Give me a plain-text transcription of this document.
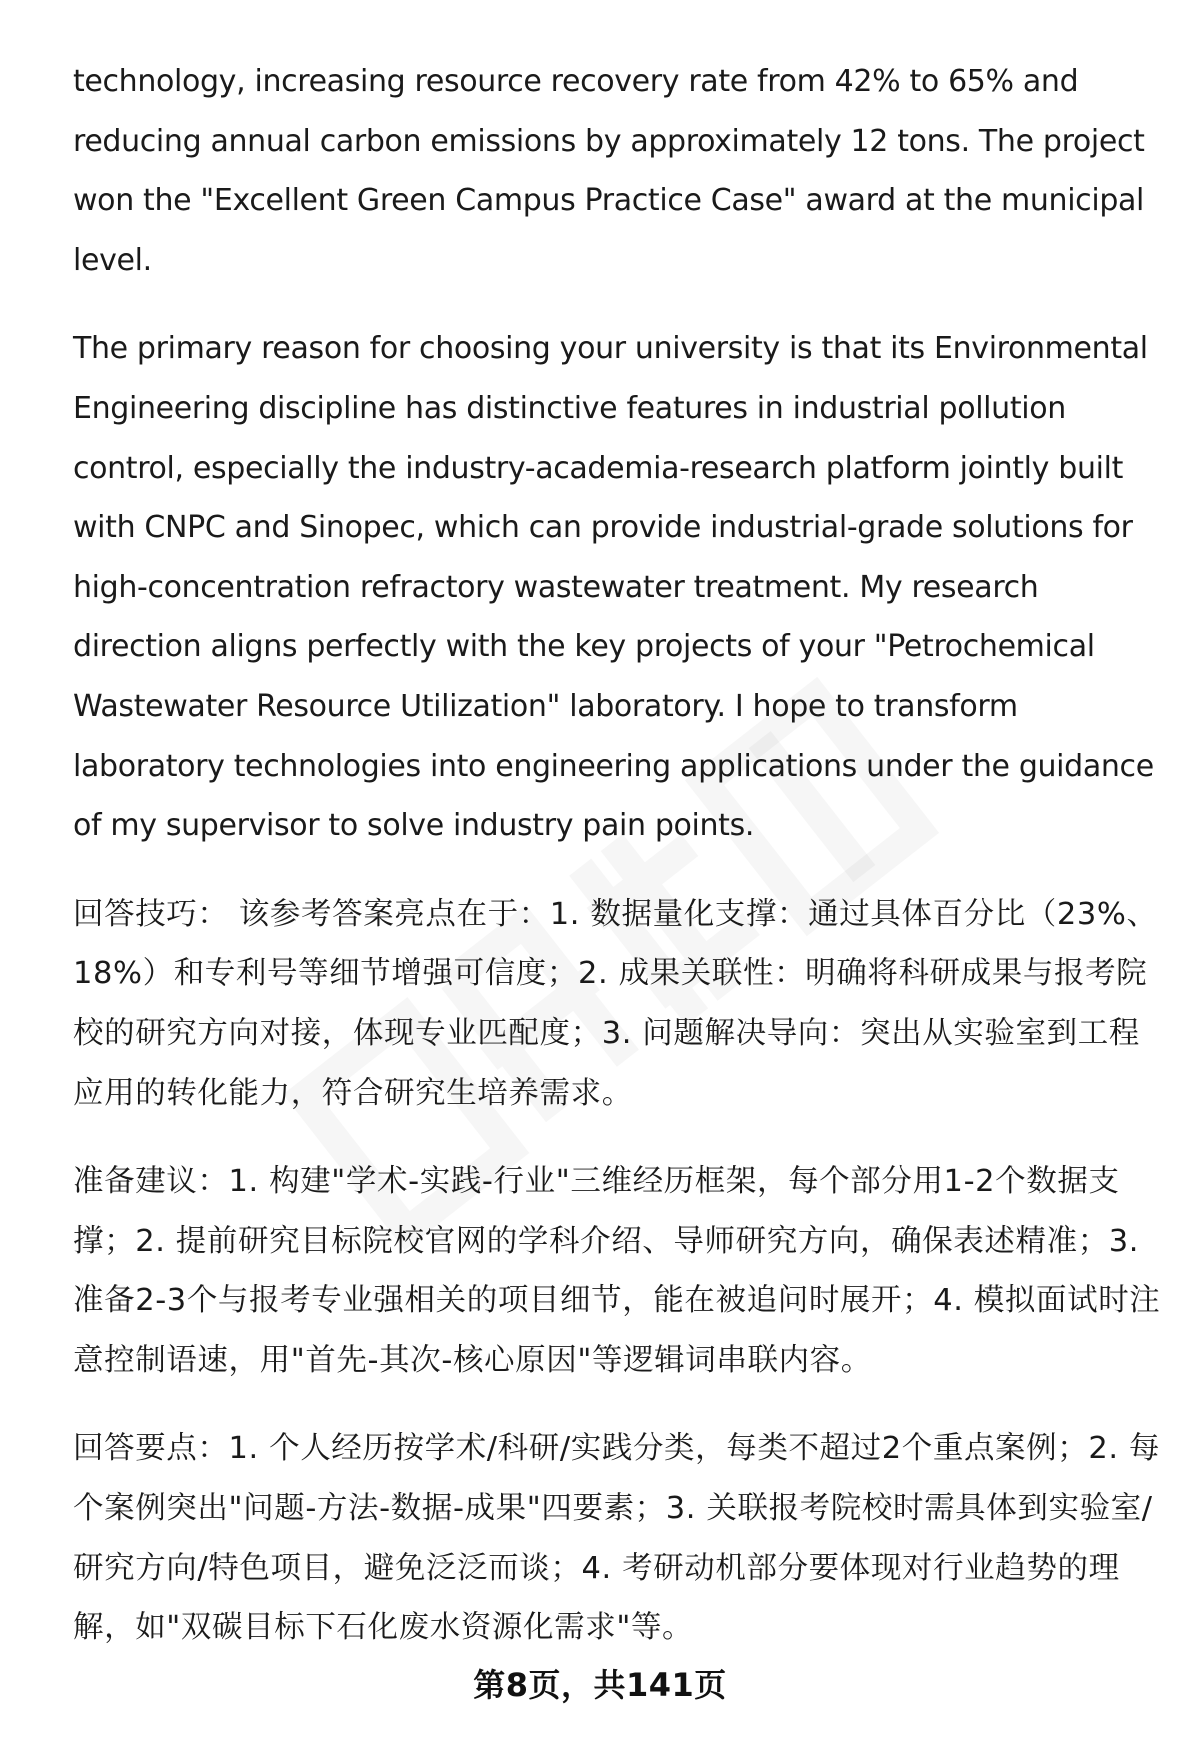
technology, increasing resource recovery rate from 42% to 65% and reducing annual carbon emissions by approximately 12 tons. The project won the "Excellent Green Campus Practice Case" award at the municipal level.

The primary reason for choosing your university is that its Environmental Engineering discipline has distinctive features in industrial pollution control, especially the industry-academia-research platform jointly built with CNPC and Sinopec, which can provide industrial-grade solutions for high-concentration refractory wastewater treatment. My research direction aligns perfectly with the key projects of your "Petrochemical Wastewater Resource Utilization" laboratory. I hope to transform laboratory technologies into engineering applications under the guidance of my supervisor to solve industry pain points.

回答技巧： 该参考答案亮点在于：1. 数据量化支撑：通过具体百分比（23%、18%）和专利号等细节增强可信度；2. 成果关联性：明确将科研成果与报考院校的研究方向对接，体现专业匹配度；3. 问题解决导向：突出从实验室到工程应用的转化能力，符合研究生培养需求。

准备建议：1. 构建"学术-实践-行业"三维经历框架，每个部分用1-2个数据支撑；2. 提前研究目标院校官网的学科介绍、导师研究方向，确保表述精准；3. 准备2-3个与报考专业强相关的项目细节，能在被追问时展开；4. 模拟面试时注意控制语速，用"首先-其次-核心原因"等逻辑词串联内容。

回答要点：1. 个人经历按学术/科研/实践分类，每类不超过2个重点案例；2. 每个案例突出"问题-方法-数据-成果"四要素；3. 关联报考院校时需具体到实验室/研究方向/特色项目，避免泛泛而谈；4. 考研动机部分要体现对行业趋势的理解，如"双碳目标下石化废水资源化需求"等。

第8页，共141页
